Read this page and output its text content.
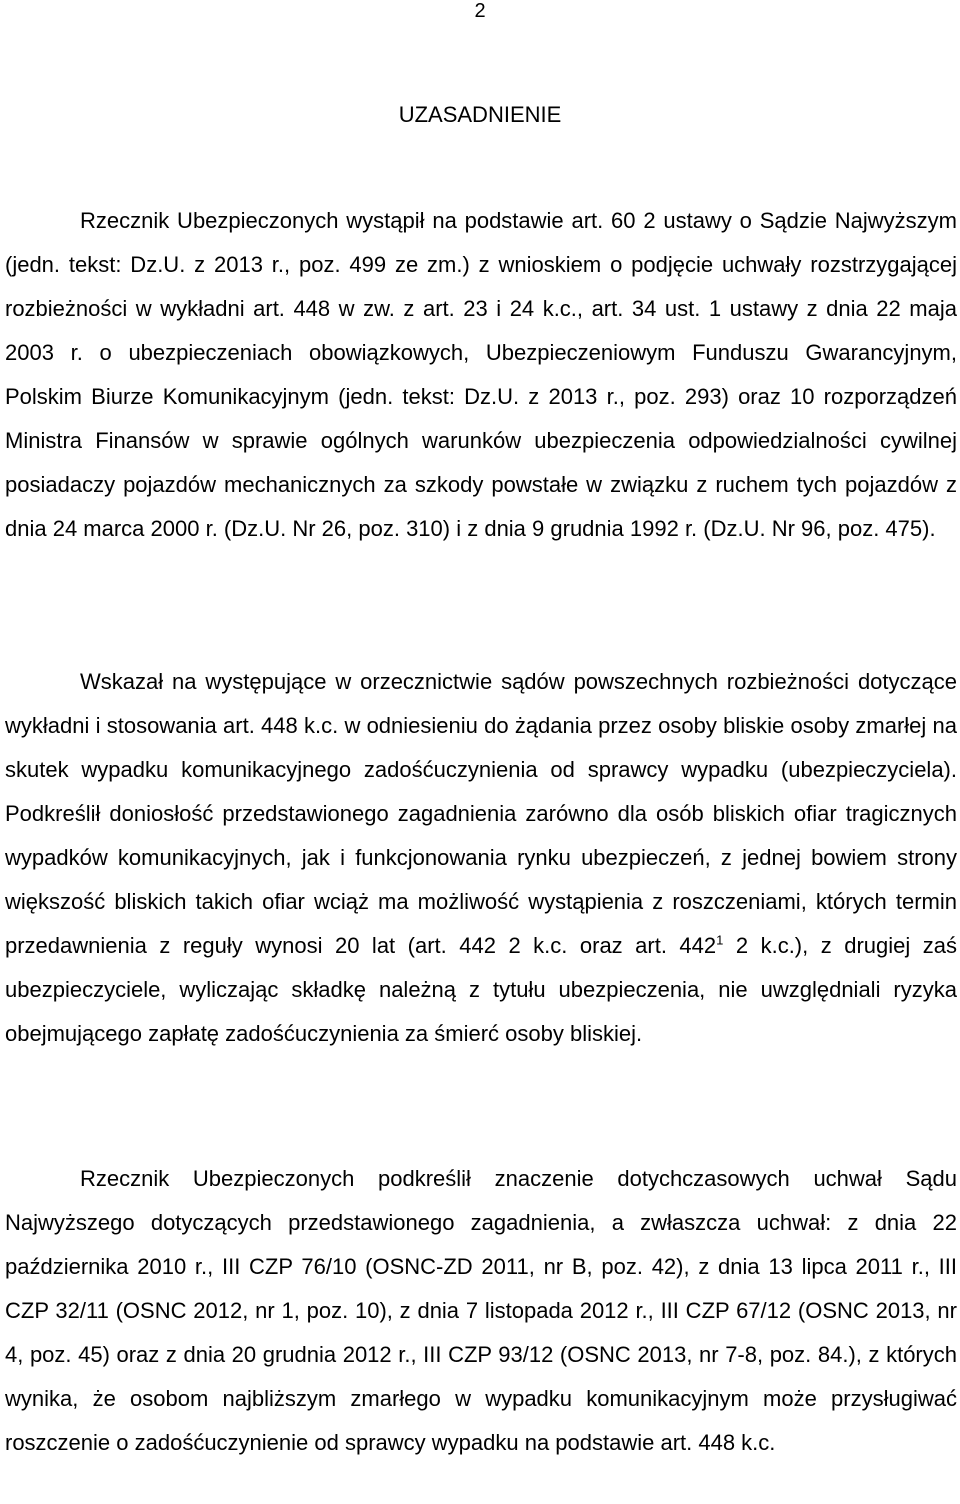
2
UZASADNIENIE

Rzecznik Ubezpieczonych wystąpił na podstawie art. 60 2 ustawy o Sądzie Najwyższym (jedn. tekst: Dz.U. z 2013 r., poz. 499 ze zm.) z wnioskiem o podjęcie uchwały rozstrzygającej rozbieżności w wykładni art. 448 w zw. z art. 23 i 24 k.c., art. 34 ust. 1 ustawy z dnia 22 maja 2003 r. o ubezpieczeniach obowiązkowych, Ubezpieczeniowym Funduszu Gwarancyjnym, Polskim Biurze Komunikacyjnym (jedn. tekst: Dz.U. z 2013 r., poz. 293) oraz 10 rozporządzeń Ministra Finansów w sprawie ogólnych warunków ubezpieczenia odpowiedzialności cywilnej posiadaczy pojazdów mechanicznych za szkody powstałe w związku z ruchem tych pojazdów z dnia 24 marca 2000 r. (Dz.U. Nr 26, poz. 310) i z dnia 9 grudnia 1992 r. (Dz.U. Nr 96, poz. 475).

Wskazał na występujące w orzecznictwie sądów powszechnych rozbieżności dotyczące wykładni i stosowania art. 448 k.c. w odniesieniu do żądania przez osoby bliskie osoby zmarłej na skutek wypadku komunikacyjnego zadośćuczynienia od sprawcy wypadku (ubezpieczyciela). Podkreślił doniosłość przedstawionego zagadnienia zarówno dla osób bliskich ofiar tragicznych wypadków komunikacyjnych, jak i funkcjonowania rynku ubezpieczeń, z jednej bowiem strony większość bliskich takich ofiar wciąż ma możliwość wystąpienia z roszczeniami, których termin przedawnienia z reguły wynosi 20 lat (art. 442 2 k.c. oraz art. $442^1$ 2 k.c.), z drugiej zaś ubezpieczyciele, wyliczając składkę należną z tytułu ubezpieczenia, nie uwzględniali ryzyka obejmującego zapłatę zadośćuczynienia za śmierć osoby bliskiej.

Rzecznik Ubezpieczonych podkreślił znaczenie dotychczasowych uchwał Sądu Najwyższego dotyczących przedstawionego zagadnienia, a zwłaszcza uchwał: z dnia 22 października 2010 r., III CZP 76/10 (OSNC-ZD 2011, nr B, poz. 42), z dnia 13 lipca 2011 r., III CZP 32/11 (OSNC 2012, nr 1, poz. 10), z dnia 7 listopada 2012 r., III CZP 67/12 (OSNC 2013, nr 4, poz. 45) oraz z dnia 20 grudnia 2012 r., III CZP 93/12 (OSNC 2013, nr 7-8, poz. 84.), z których wynika, że osobom najbliższym zmarłego w wypadku komunikacyjnym może przysługiwać roszczenie o zadośćuczynienie od sprawcy wypadku na podstawie art. 448 k.c.
